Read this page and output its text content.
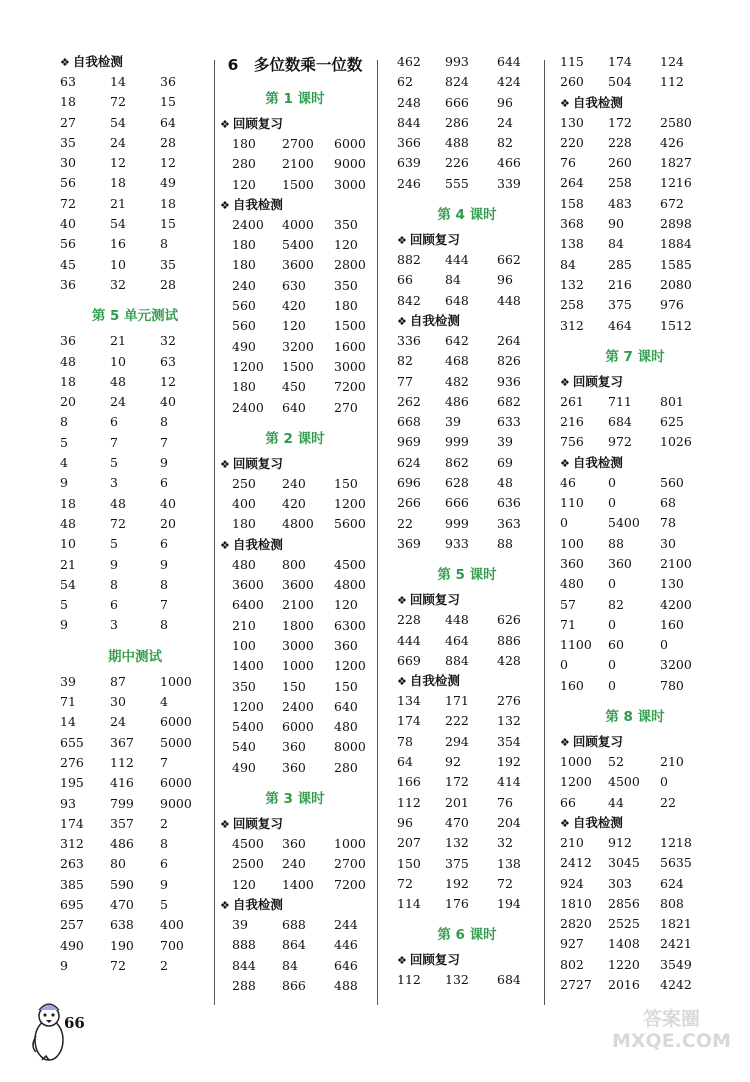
❖ 自我检测
63	14	36
18	72	15
27	54	64
35	24	28
30	12	12
56	18	49
72	21	18
40	54	15
56	16	8
45	10	35
36	32	28
第 5 单元测试
36	21	32
48	10	63
18	48	12
20	24	40
8	6	8
5	7	7
4	5	9
9	3	6
18	48	40
48	72	20
10	5	6
21	9	9
54	8	8
5	6	7
9	3	8
期中测试
39	87	1000
71	30	4
14	24	6000
655 367 5000
276 112 7
195 416 6000
93	799 9000
174 357 2
312 486 8
263 80	6
385 590 9
695 470 5
257 638 400
490 190 700
9	72	2
6　多位数乘一位数
第 1 课时
❖ 回顾复习
180 2700 6000
280 2100 9000
120 1500 3000
❖ 自我检测
2400 4000 350
180 5400 120
180 3600 2800
240 630 350
560 420 180
560 120 1500
490 3200 1600
1200 1500 3000
180 450 7200
2400 640 270
第 2 课时
❖ 回顾复习
250 240 150
400 420 1200
180 4800 5600
❖ 自我检测
480 800 4500
3600 3600 4800
6400 2100 120
210 1800 6300
100 3000 360
1400 1000 1200
350 150 150
1200 2400 640
5400 6000 480
540 360 8000
490 360 280
第 3 课时
❖ 回顾复习
4500 360 1000
2500 240 2700
120 1400 7200
❖ 自我检测
39	688 244
888 864 446
844 84	646
288 866 488
462 993 644
62	824 424
248 666 96
844 286 24
366 488 82
639 226 466
246 555 339
第 4 课时
❖ 回顾复习
882 444 662
66	84	96
842 648 448
❖ 自我检测
336 642 264
82	468 826
77	482 936
262 486 682
668 39	633
969 999 39
624 862 69
696 628 48
266 666 636
22	999 363
369 933 88
第 5 课时
❖ 回顾复习
228 448 626
444 464 886
669 884 428
❖ 自我检测
134 171 276
174 222 132
78	294 354
64	92	192
166 172 414
112 201 76
96	470 204
207 132 32
150 375 138
72	192 72
114 176 194
第 6 课时
❖ 回顾复习
112 132 684
115 174 124
260 504 112
❖ 自我检测
130 172 2580
220 228 426
76	260 1827
264 258 1216
158 483 672
368 90	2898
138 84	1884
84	285 1585
132 216 2080
258 375 976
312 464 1512
第 7 课时
❖ 回顾复习
261 711 801
216 684 625
756 972 1026
❖ 自我检测
46	0	560
110 0	68
0	5400 78
100 88	30
360 360 2100
480 0	130
57	82	4200
71	0	160
1100 60	0
0	0	3200
160 0	780
第 8 课时
❖ 回顾复习
1000 52	210
1200 4500 0
66	44	22
❖ 自我检测
210 912 1218
2412 3045 5635
924 303 624
1810 2856 808
2820 2525 1821
927 1408 2421
802 1220 3549
2727 2016 4242
66	答案圈
MXQE.COM
